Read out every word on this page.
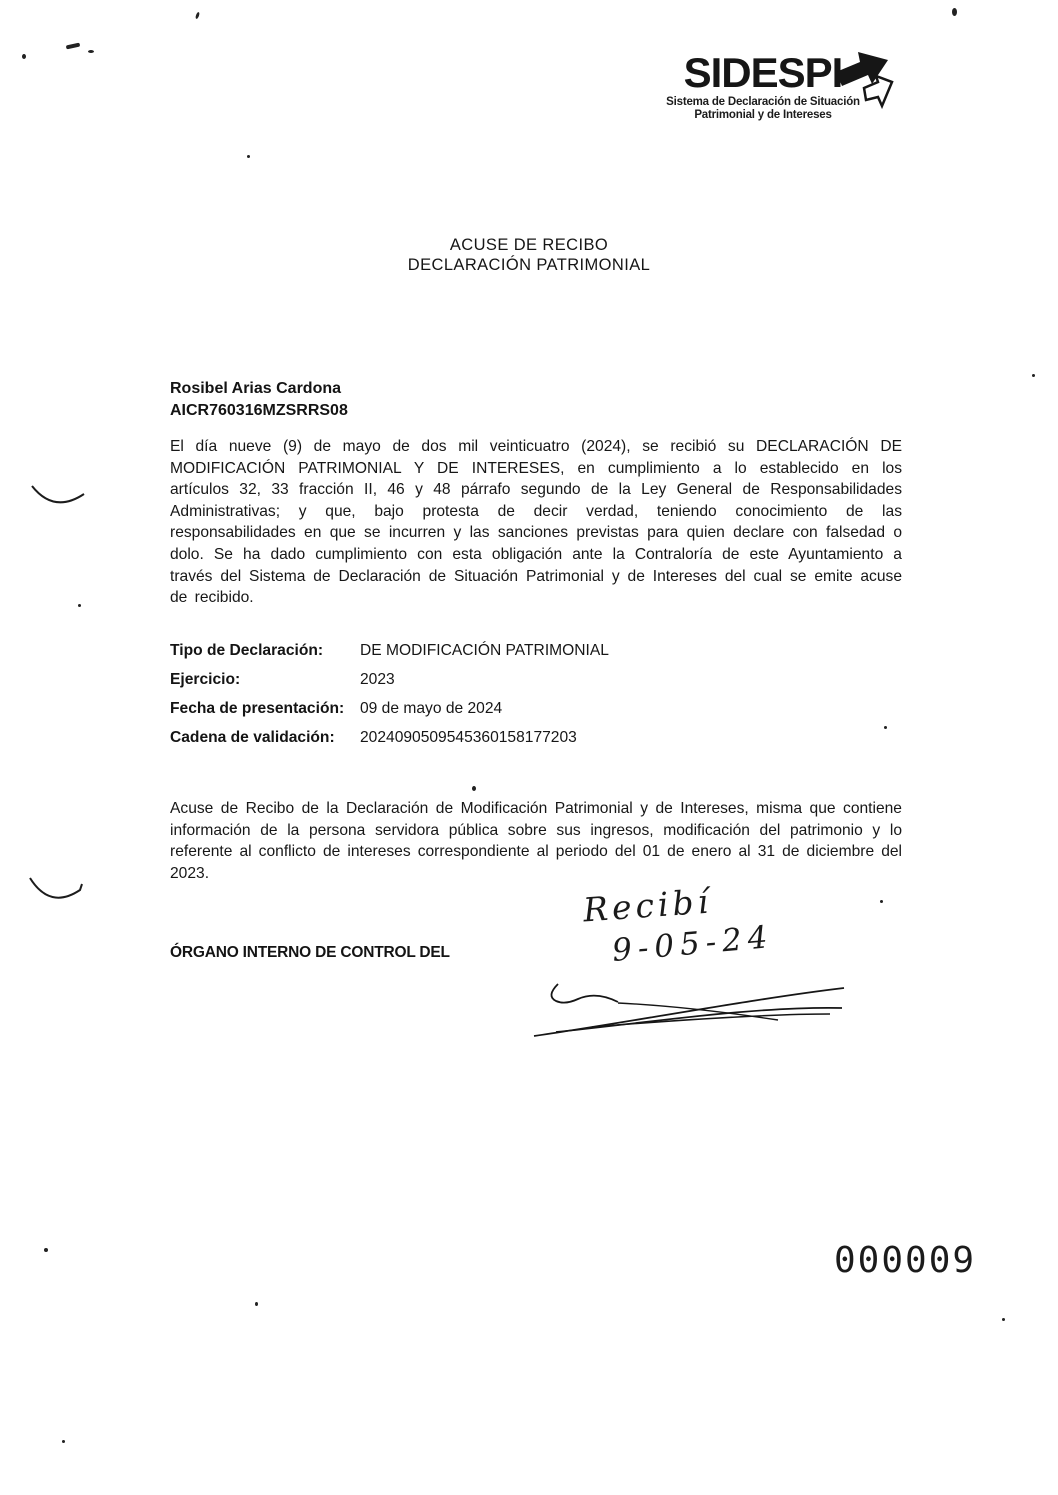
SIDESPI
Sistema de Declaración de Situación
Patrimonial y de Intereses
ACUSE DE RECIBO
DECLARACIÓN PATRIMONIAL
Rosibel Arias Cardona
AICR760316MZSRRS08
El día nueve (9) de mayo de dos mil veinticuatro (2024), se recibió su DECLARACIÓN DE MODIFICACIÓN PATRIMONIAL Y DE INTERESES, en cumplimiento a lo establecido en los artículos 32, 33 fracción II, 46 y 48 párrafo segundo de la Ley General de Responsabilidades Administrativas; y que, bajo protesta de decir verdad, teniendo conocimiento de las responsabilidades en que se incurren y las sanciones previstas para quien declare con falsedad o dolo. Se ha dado cumplimiento con esta obligación ante la Contraloría de este Ayuntamiento a través del Sistema de Declaración de Situación Patrimonial y de Intereses del cual se emite acuse de recibido.
Tipo de Declaración:	DE MODIFICACIÓN PATRIMONIAL
Ejercicio:	2023
Fecha de presentación:	09 de mayo de 2024
Cadena de validación:	2024090509545360158177203
Acuse de Recibo de la Declaración de Modificación Patrimonial y de Intereses, misma que contiene información de la persona servidora pública sobre sus ingresos, modificación del patrimonio y lo referente al conflicto de intereses correspondiente al periodo del 01 de enero al 31 de diciembre del 2023.
ÓRGANO INTERNO DE CONTROL DEL
Recibí
9-05-24
000009
